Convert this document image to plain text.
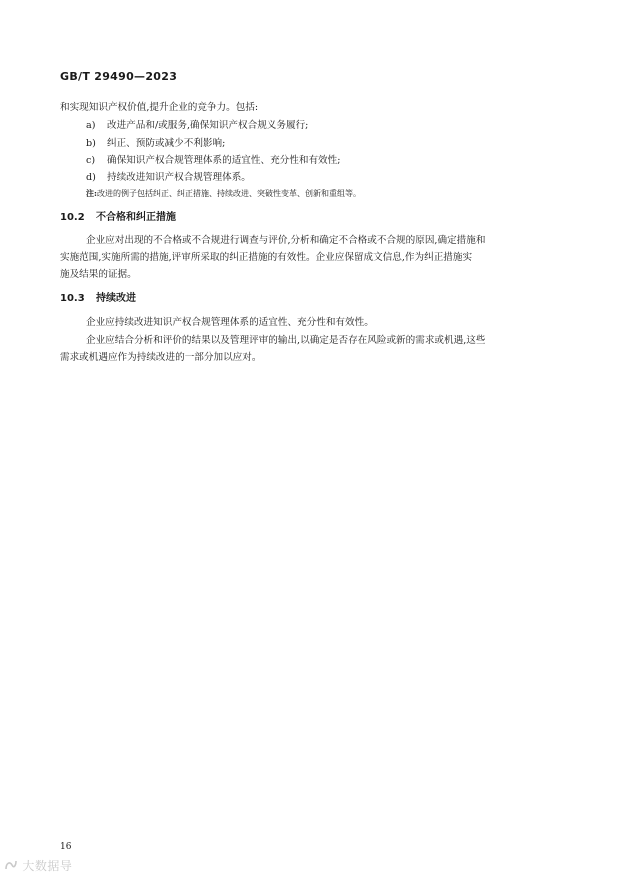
GB/T 29490—2023
和实现知识产权价值,提升企业的竞争力。包括:
a) 改进产品和/或服务,确保知识产权合规义务履行;
b) 纠正、预防或减少不利影响;
c) 确保知识产权合规管理体系的适宜性、充分性和有效性;
d) 持续改进知识产权合规管理体系。
注:改进的例子包括纠正、纠正措施、持续改进、突破性变革、创新和重组等。
10.2 不合格和纠正措施
企业应对出现的不合格或不合规进行调查与评价,分析和确定不合格或不合规的原因,确定措施和
实施范围,实施所需的措施,评审所采取的纠正措施的有效性。企业应保留成文信息,作为纠正措施实
施及结果的证据。
10.3 持续改进
企业应持续改进知识产权合规管理体系的适宜性、充分性和有效性。
企业应结合分析和评价的结果以及管理评审的输出,以确定是否存在风险或新的需求或机遇,这些
需求或机遇应作为持续改进的一部分加以应对。
16
大数据导
